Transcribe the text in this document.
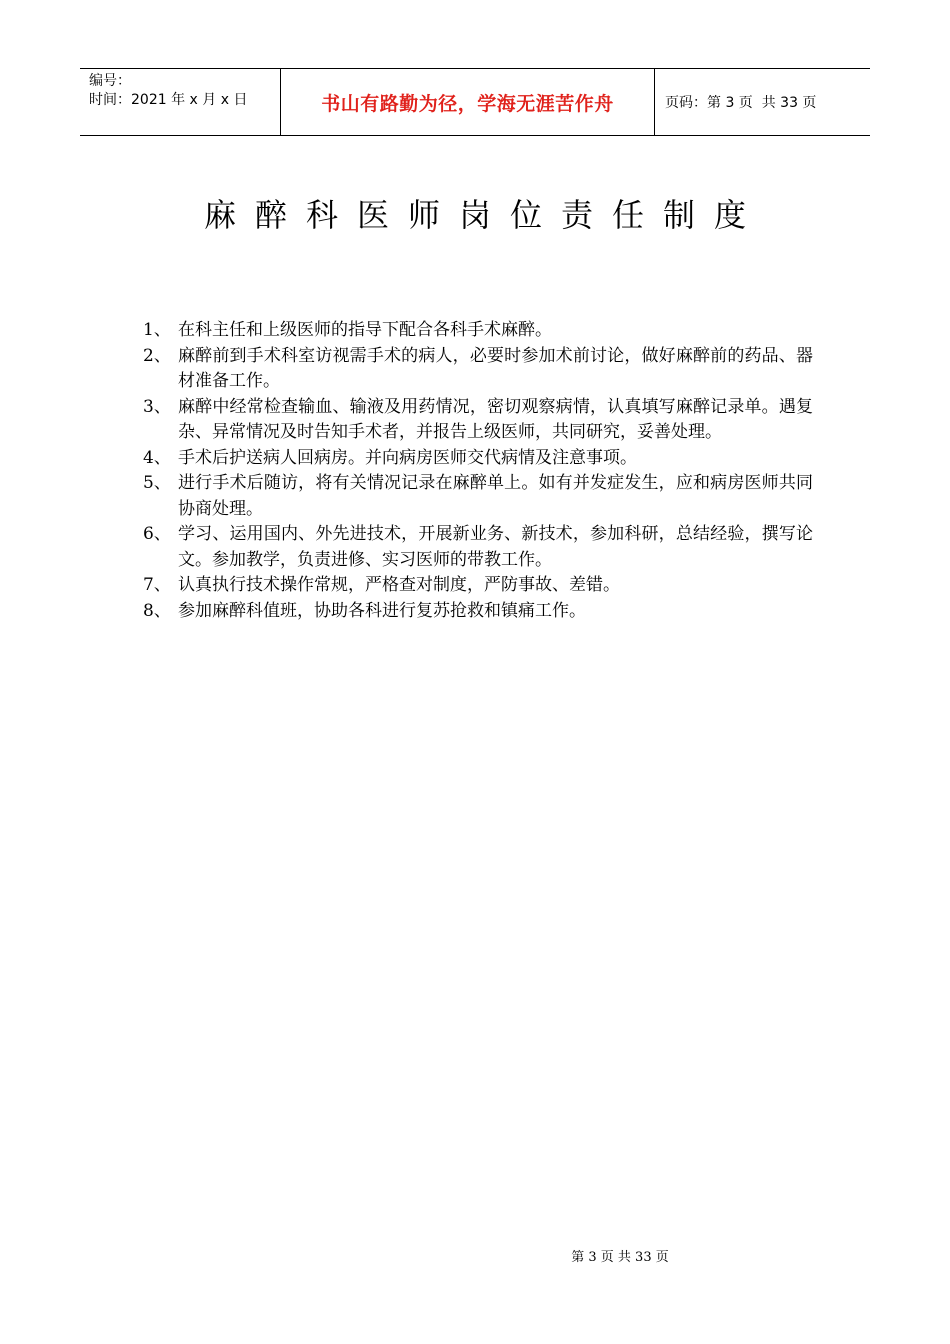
编号：
时间：2021 年 x 月 x 日	书山有路勤为径，学海无涯苦作舟	页码：第 3 页  共 33 页
麻醉科医师岗位责任制度
1、 在科主任和上级医师的指导下配合各科手术麻醉。
2、 麻醉前到手术科室访视需手术的病人，必要时参加术前讨论，做好麻醉前的药品、器材准备工作。
3、 麻醉中经常检查输血、输液及用药情况，密切观察病情，认真填写麻醉记录单。遇复杂、异常情况及时告知手术者，并报告上级医师，共同研究，妥善处理。
4、 手术后护送病人回病房。并向病房医师交代病情及注意事项。
5、 进行手术后随访，将有关情况记录在麻醉单上。如有并发症发生，应和病房医师共同协商处理。
6、 学习、运用国内、外先进技术，开展新业务、新技术，参加科研，总结经验，撰写论文。参加教学，负责进修、实习医师的带教工作。
7、 认真执行技术操作常规，严格查对制度，严防事故、差错。
8、 参加麻醉科值班，协助各科进行复苏抢救和镇痛工作。
第 3 页 共 33 页
